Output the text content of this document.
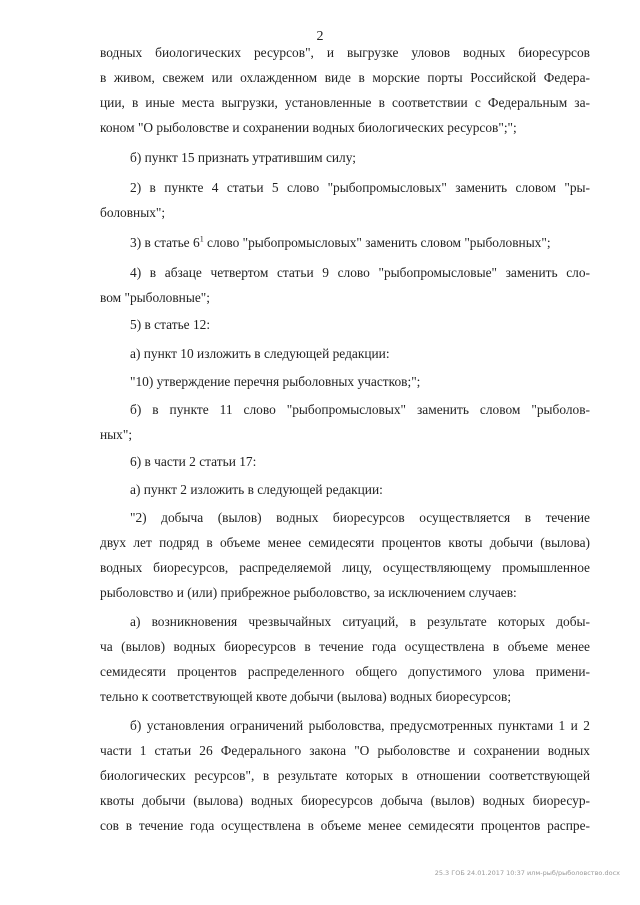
2
водных биологических ресурсов", и выгрузке уловов водных биоресурсов
в живом, свежем или охлажденном виде в морские порты Российской Федера-
ции, в иные места выгрузки, установленные в соответствии с Федеральным за-
коном "О рыболовстве и сохранении водных биологических ресурсов";";
б) пункт 15 признать утратившим силу;
2) в пункте 4 статьи 5 слово "рыбопромысловых" заменить словом "ры-
боловных";
3) в статье $6^1$ слово "рыбопромысловых" заменить словом "рыболовных";
4) в абзаце четвертом статьи 9 слово "рыбопромысловые" заменить сло-
вом "рыболовные";
5) в статье 12:
а) пункт 10 изложить в следующей редакции:
"10) утверждение перечня рыболовных участков;";
б) в пункте 11 слово "рыбопромысловых" заменить словом "рыболов-
ных";
6) в части 2 статьи 17:
а) пункт 2 изложить в следующей редакции:
"2) добыча (вылов) водных биоресурсов осуществляется в течение
двух лет подряд в объеме менее семидесяти процентов квоты добычи (вылова)
водных биоресурсов, распределяемой лицу, осуществляющему промышленное
рыболовство и (или) прибрежное рыболовство, за исключением случаев:
а) возникновения чрезвычайных ситуаций, в результате которых добы-
ча (вылов) водных биоресурсов в течение года осуществлена в объеме менее
семидесяти процентов распределенного общего допустимого улова примени-
тельно к соответствующей квоте добычи (вылова) водных биоресурсов;
б) установления ограничений рыболовства, предусмотренных пунктами 1 и 2
части 1 статьи 26 Федерального закона "О рыболовстве и сохранении водных
биологических ресурсов", в результате которых в отношении соответствующей
квоты добычи (вылова) водных биоресурсов добыча (вылов) водных биоресур-
сов в течение года осуществлена в объеме менее семидесяти процентов распре-
25.3 ГОБ 24.01.2017 10:37 илм-рыб/рыболовство.docx
